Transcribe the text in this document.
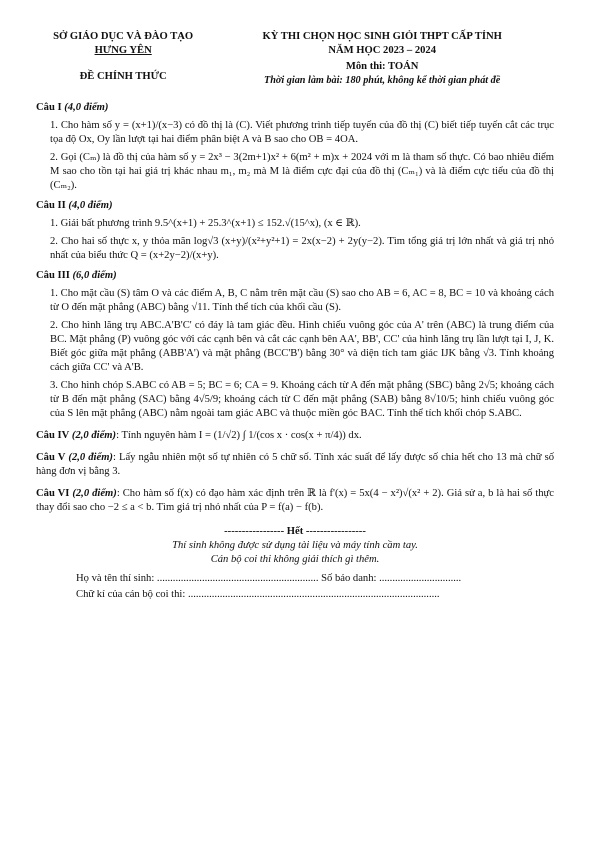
SỞ GIÁO DỤC VÀ ĐÀO TẠO
HƯNG YÊN
ĐỀ CHÍNH THỨC
KỲ THI CHỌN HỌC SINH GIỎI THPT CẤP TỈNH
NĂM HỌC 2023 – 2024
Môn thi: TOÁN
Thời gian làm bài: 180 phút, không kể thời gian phát đề
Câu I (4,0 điểm)

1. Cho hàm số y = (x+1)/(x−3) có đồ thị là (C). Viết phương trình tiếp tuyến của đồ thị (C) biết tiếp tuyến cắt các trục tọa độ Ox, Oy lần lượt tại hai điểm phân biệt A và B sao cho OB = 4OA.

2. Gọi (Cₘ) là đồ thị của hàm số y = 2x³ − 3(2m+1)x² + 6(m² + m)x + 2024 với m là tham số thực. Có bao nhiêu điểm M sao cho tồn tại hai giá trị khác nhau m₁, m₂ mà M là điểm cực đại của đồ thị (Cₘ₁) và là điểm cực tiểu của đồ thị (Cₘ₂).

Câu II (4,0 điểm)

1. Giải bất phương trình 9.5^(x+1) + 25.3^(x+1) ≤ 152.√(15^x), (x ∈ ℝ).

2. Cho hai số thực x, y thỏa mãn log√3 (x+y)/(x²+y²+1) = 2x(x−2) + 2y(y−2). Tìm tổng giá trị lớn nhất và giá trị nhỏ nhất của biểu thức Q = (x+2y−2)/(x+y).

Câu III (6,0 điểm)

1. Cho mặt cầu (S) tâm O và các điểm A, B, C nằm trên mặt cầu (S) sao cho AB = 6, AC = 8, BC = 10 và khoảng cách từ O đến mặt phẳng (ABC) bằng √11. Tính thể tích của khối cầu (S).

2. Cho hình lăng trụ ABC.A'B'C' có đáy là tam giác đều. Hình chiếu vuông góc của A' trên (ABC) là trung điểm của BC. Mặt phẳng (P) vuông góc với các cạnh bên và cắt các cạnh bên AA', BB', CC' của hình lăng trụ lần lượt tại I, J, K. Biết góc giữa mặt phẳng (ABB'A') và mặt phẳng (BCC'B') bằng 30° và diện tích tam giác IJK bằng √3. Tính khoảng cách giữa CC' và A'B.

3. Cho hình chóp S.ABC có AB = 5; BC = 6; CA = 9. Khoảng cách từ A đến mặt phẳng (SBC) bằng 2√5; khoảng cách từ B đến mặt phẳng (SAC) bằng 4√5/9; khoảng cách từ C đến mặt phẳng (SAB) bằng 8√10/5; hình chiếu vuông góc của S lên mặt phẳng (ABC) nằm ngoài tam giác ABC và thuộc miền góc BAC. Tính thể tích khối chóp S.ABC.

Câu IV (2,0 điểm): Tính nguyên hàm I = (1/√2) ∫ 1/(cos x · cos(x + π/4)) dx.

Câu V (2,0 điểm): Lấy ngẫu nhiên một số tự nhiên có 5 chữ số. Tính xác suất để lấy được số chia hết cho 13 mà chữ số hàng đơn vị bằng 3.

Câu VI (2,0 điểm): Cho hàm số f(x) có đạo hàm xác định trên ℝ là f'(x) = 5x(4 − x²)√(x² + 2). Giả sử a, b là hai số thực thay đổi sao cho −2 ≤ a < b. Tìm giá trị nhỏ nhất của P = f(a) − f(b).

----------------- Hết -----------------
Thí sinh không được sử dụng tài liệu và máy tính cầm tay.
Cán bộ coi thi không giải thích gì thêm.
Họ và tên thí sinh: ............................................................. Số báo danh: ...............................
Chữ kí của cán bộ coi thi: ...............................................................................................
